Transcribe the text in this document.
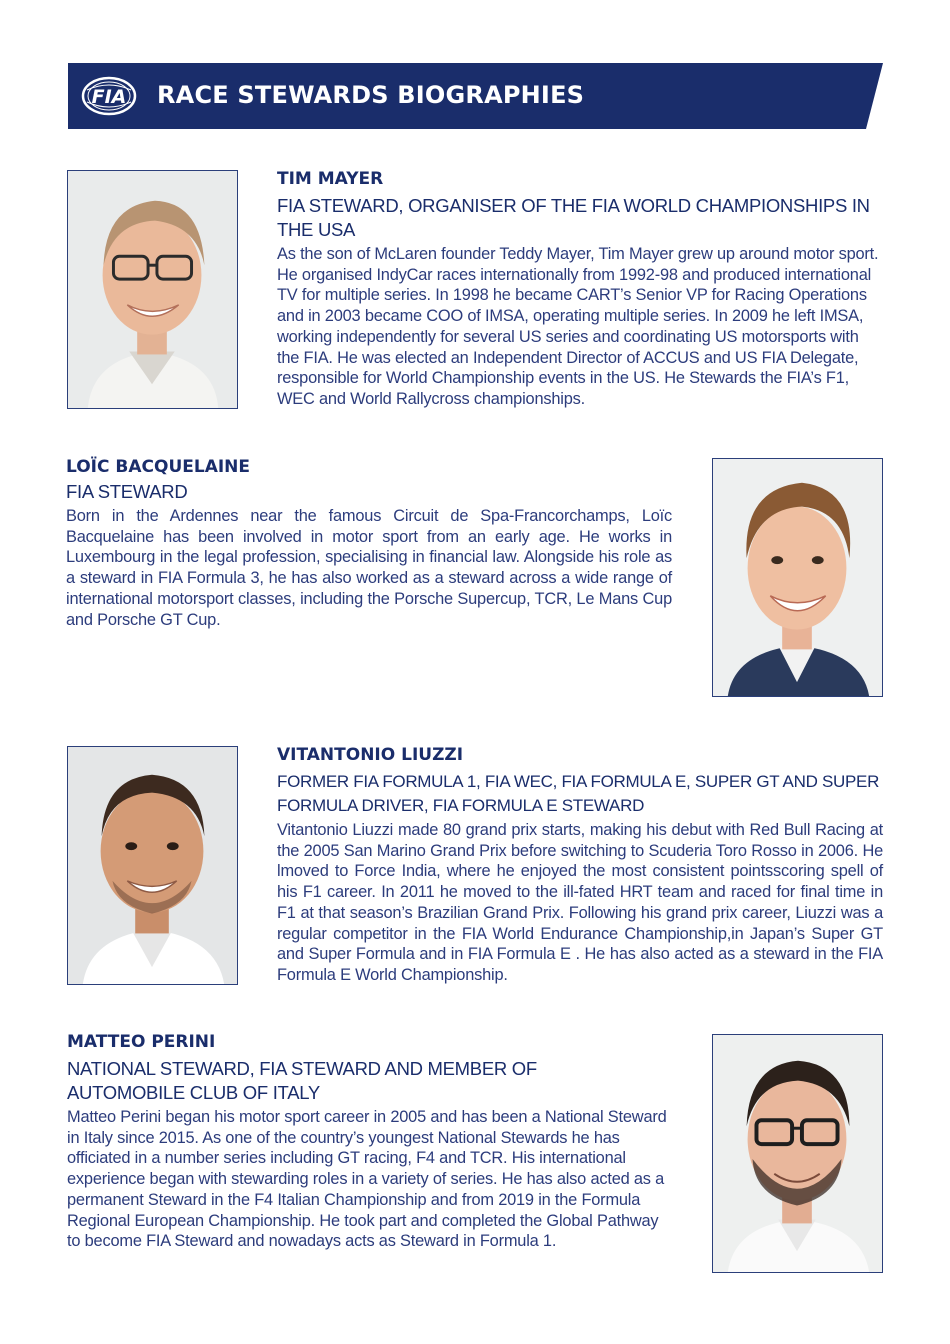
FIA RACE STEWARDS BIOGRAPHIES
TIM MAYER
FIA STEWARD, ORGANISER OF THE FIA WORLD CHAMPIONSHIPS IN THE USA
As the son of McLaren founder Teddy Mayer, Tim Mayer grew up around motor sport. He organised IndyCar races internationally from 1992-98 and produced international TV for multiple series. In 1998 he became CART’s Senior VP for Racing Operations and in 2003 became COO of IMSA, operating multiple series. In 2009 he left IMSA, working independently for several US series and coordinating US motorsports with the FIA. He was elected an Independent Director of ACCUS and US FIA Delegate, responsible for World Championship events in the US. He Stewards the FIA’s F1, WEC and World Rallycross championships.
LOÏC BACQUELAINE
FIA STEWARD
Born in the Ardennes near the famous Circuit de Spa-Francorchamps, Loïc Bacquelaine has been involved in motor sport from an early age. He works in Luxembourg in the legal profession, specialising in financial law. Alongside his role as a steward in FIA Formula 3, he has also worked as a steward across a wide range of international motorsport classes, including the Porsche Supercup, TCR, Le Mans Cup and Porsche GT Cup.
VITANTONIO LIUZZI
FORMER FIA FORMULA 1, FIA WEC, FIA FORMULA E, SUPER GT AND SUPER FORMULA DRIVER, FIA FORMULA E STEWARD
Vitantonio Liuzzi made 80 grand prix starts, making his debut with Red Bull Racing at the 2005 San Marino Grand Prix before switching to Scuderia Toro Rosso in 2006. He lmoved to Force India, where he enjoyed the most consistent pointsscoring spell of his F1 career. In 2011 he moved to the ill-fated HRT team and raced for final time in F1 at that season’s Brazilian Grand Prix. Following his grand prix career, Liuzzi was a regular competitor in the FIA World Endurance Championship,in Japan’s Super GT and Super Formula and in FIA Formula E . He has also acted as a steward in the FIA Formula E World Championship.
MATTEO PERINI
NATIONAL STEWARD, FIA STEWARD AND MEMBER OF AUTOMOBILE CLUB OF ITALY
Matteo Perini began his motor sport career in 2005 and has been a National Steward in Italy since 2015. As one of the country’s youngest National Stewards he has officiated in a number series including GT racing, F4 and TCR. His international experience began with stewarding roles in a variety of series. He has also acted as a permanent Steward in the F4 Italian Championship and from 2019 in the Formula Regional European Championship. He took part and completed the Global Pathway to become FIA Steward and nowadays acts as Steward in Formula 1.
